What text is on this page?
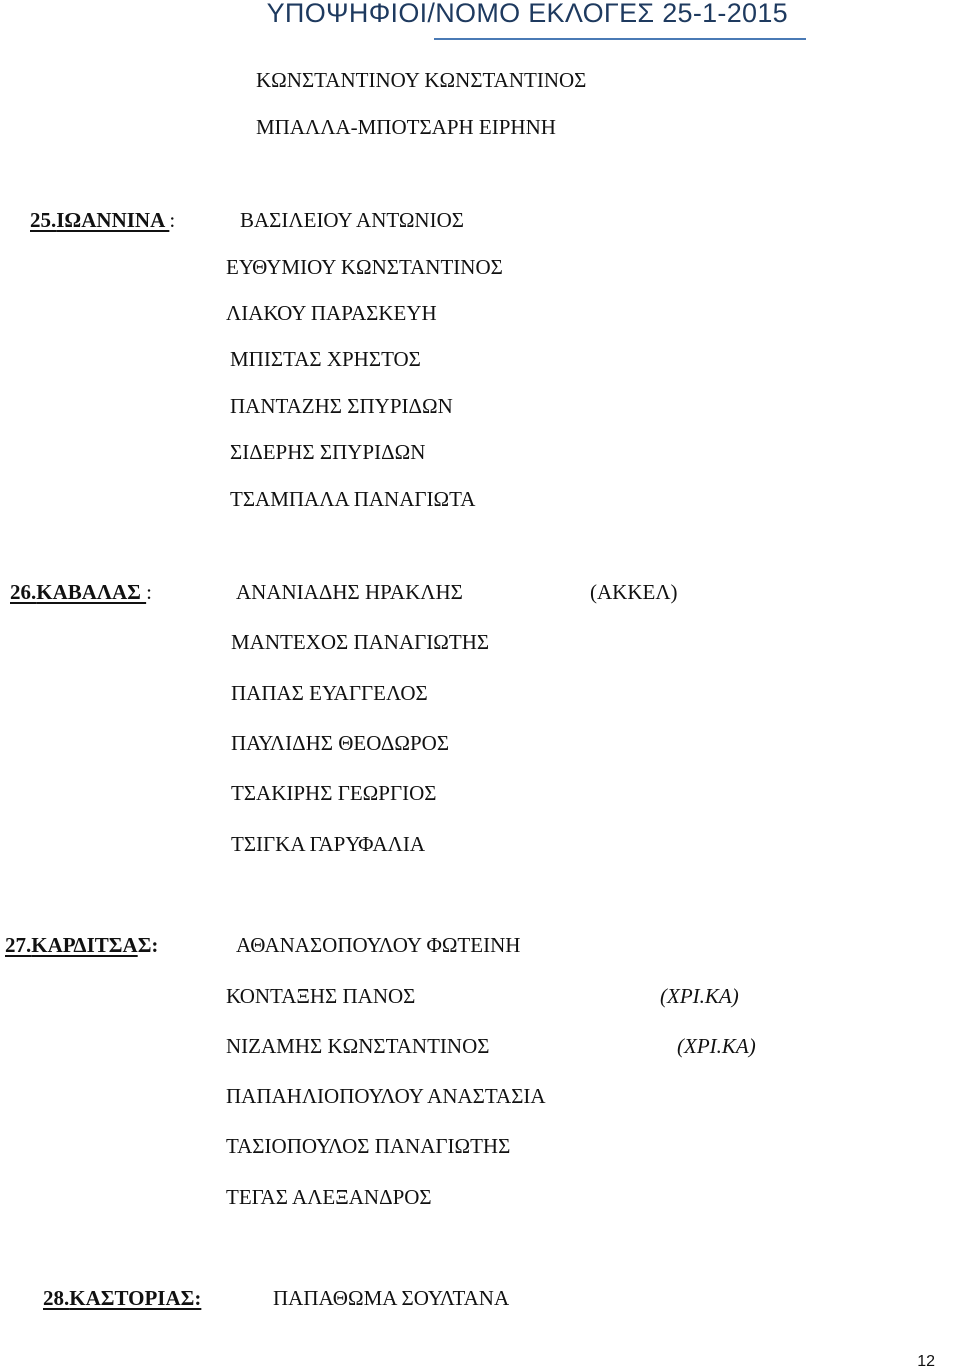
ΥΠΟΨΗΦΙΟΙ/ΝΟΜΟ ΕΚΛΟΓΕΣ 25-1-2015
ΚΩΝΣΤΑΝΤΙΝΟΥ ΚΩΝΣΤΑΝΤΙΝΟΣ
ΜΠΑΛΛΑ-ΜΠΟΤΣΑΡΗ ΕΙΡΗΝΗ
25.ΙΩΑΝΝΙΝΑ :	ΒΑΣΙΛΕΙΟΥ ΑΝΤΩΝΙΟΣ
ΕΥΘΥΜΙΟΥ ΚΩΝΣΤΑΝΤΙΝΟΣ
ΛΙΑΚΟΥ ΠΑΡΑΣΚΕΥΗ
ΜΠΙΣΤΑΣ ΧΡΗΣΤΟΣ
ΠΑΝΤΑΖΗΣ ΣΠΥΡΙΔΩΝ
ΣΙΔΕΡΗΣ ΣΠΥΡΙΔΩΝ
ΤΣΑΜΠΑΛΑ ΠΑΝΑΓΙΩΤΑ
26.ΚΑΒΑΛΑΣ :	ΑΝΑΝΙΑΔΗΣ ΗΡΑΚΛΗΣ	(ΑΚΚΕΛ)
ΜΑΝΤΕΧΟΣ ΠΑΝΑΓΙΩΤΗΣ
ΠΑΠΑΣ ΕΥΑΓΓΕΛΟΣ
ΠΑΥΛΙΔΗΣ ΘΕΟΔΩΡΟΣ
ΤΣΑΚΙΡΗΣ ΓΕΩΡΓΙΟΣ
ΤΣΙΓΚΑ ΓΑΡΥΦΑΛΙΑ
27.ΚΑΡΔΙΤΣΑΣ:	ΑΘΑΝΑΣΟΠΟΥΛΟΥ ΦΩΤΕΙΝΗ
ΚΟΝΤΑΞΗΣ ΠΑΝΟΣ	(ΧΡΙ.ΚΑ)
ΝΙΖΑΜΗΣ ΚΩΝΣΤΑΝΤΙΝΟΣ	(ΧΡΙ.ΚΑ)
ΠΑΠΑΗΛΙΟΠΟΥΛΟΥ ΑΝΑΣΤΑΣΙΑ
ΤΑΣΙΟΠΟΥΛΟΣ ΠΑΝΑΓΙΩΤΗΣ
ΤΕΓΑΣ ΑΛΕΞΑΝΔΡΟΣ
28.ΚΑΣΤΟΡΙΑΣ:	ΠΑΠΑΘΩΜΑ ΣΟΥΛΤΑΝΑ
12
